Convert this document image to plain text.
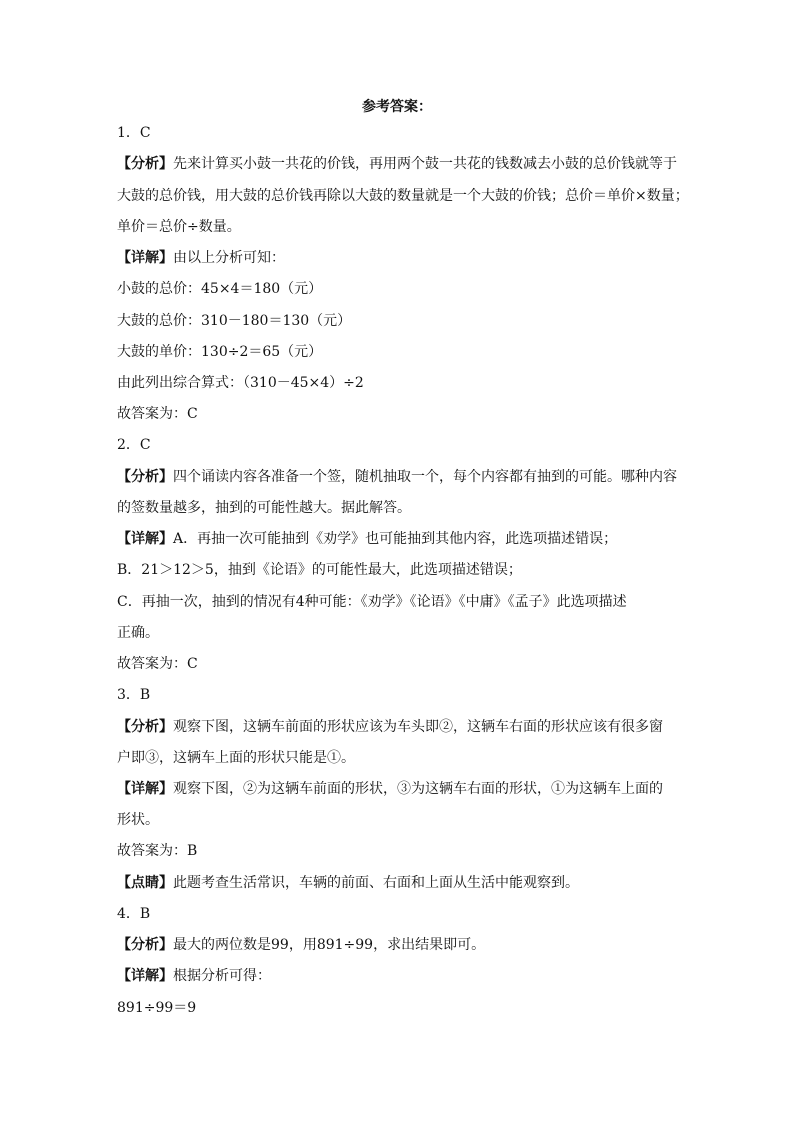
参考答案：
1．C
【分析】先来计算买小鼓一共花的价钱，再用两个鼓一共花的钱数减去小鼓的总价钱就等于
大鼓的总价钱，用大鼓的总价钱再除以大鼓的数量就是一个大鼓的价钱；总价＝单价×数量；
单价＝总价÷数量。
【详解】由以上分析可知：
小鼓的总价：45×4＝180（元）
大鼓的总价：310－180＝130（元）
大鼓的单价：130÷2＝65（元）
由此列出综合算式：（310－45×4）÷2
故答案为：C
2．C
【分析】四个诵读内容各准备一个签，随机抽取一个，每个内容都有抽到的可能。哪种内容
的签数量越多，抽到的可能性越大。据此解答。
【详解】A．再抽一次可能抽到《劝学》也可能抽到其他内容，此选项描述错误；
B．21＞12＞5，抽到《论语》的可能性最大，此选项描述错误；
C．再抽一次，抽到的情况有4种可能：《劝学》《论语》《中庸》《孟子》此选项描述
正确。
故答案为：C
3．B
【分析】观察下图，这辆车前面的形状应该为车头即②，这辆车右面的形状应该有很多窗
户即③，这辆车上面的形状只能是①。
【详解】观察下图，②为这辆车前面的形状，③为这辆车右面的形状，①为这辆车上面的
形状。
故答案为：B
【点睛】此题考查生活常识，车辆的前面、右面和上面从生活中能观察到。
4．B
【分析】最大的两位数是99，用891÷99，求出结果即可。
【详解】根据分析可得：
891÷99＝9
